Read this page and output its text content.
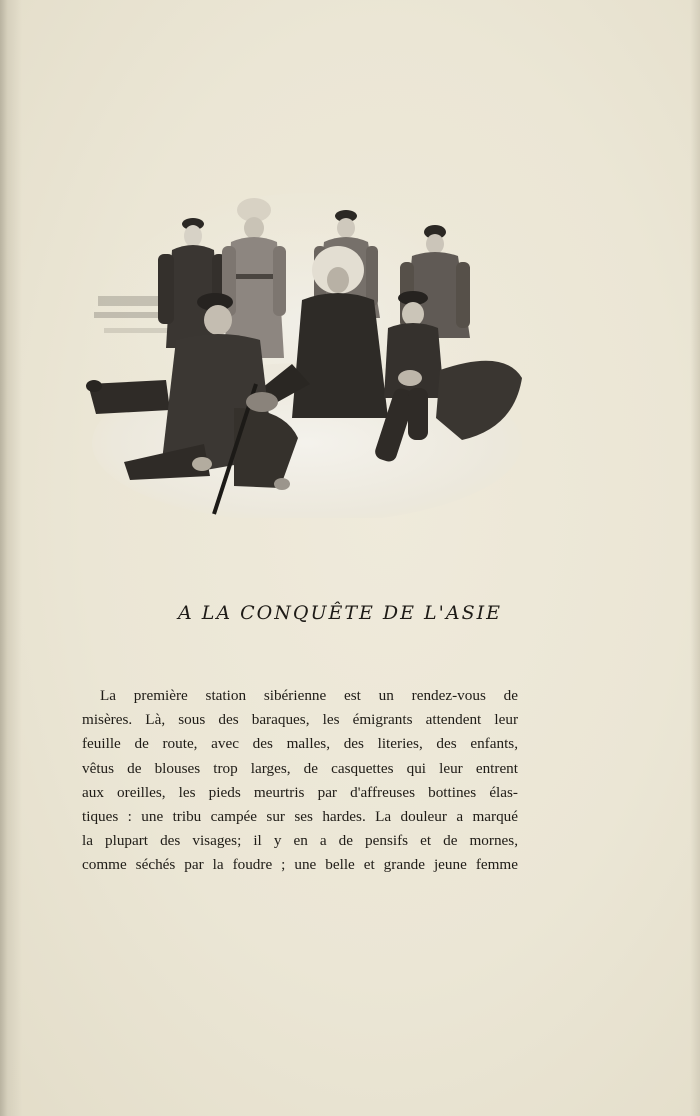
A LA CONQUÊTE DE L'ASIE
La première station sibérienne est un rendez-vous de
misères. Là, sous des baraques, les émigrants attendent leur
feuille de route, avec des malles, des literies, des enfants,
vêtus de blouses trop larges, de casquettes qui leur entrent
aux oreilles, les pieds meurtris par d'affreuses bottines élas-
tiques : une tribu campée sur ses hardes. La douleur a marqué
la plupart des visages; il y en a de pensifs et de mornes,
comme séchés par la foudre ; une belle et grande jeune femme
